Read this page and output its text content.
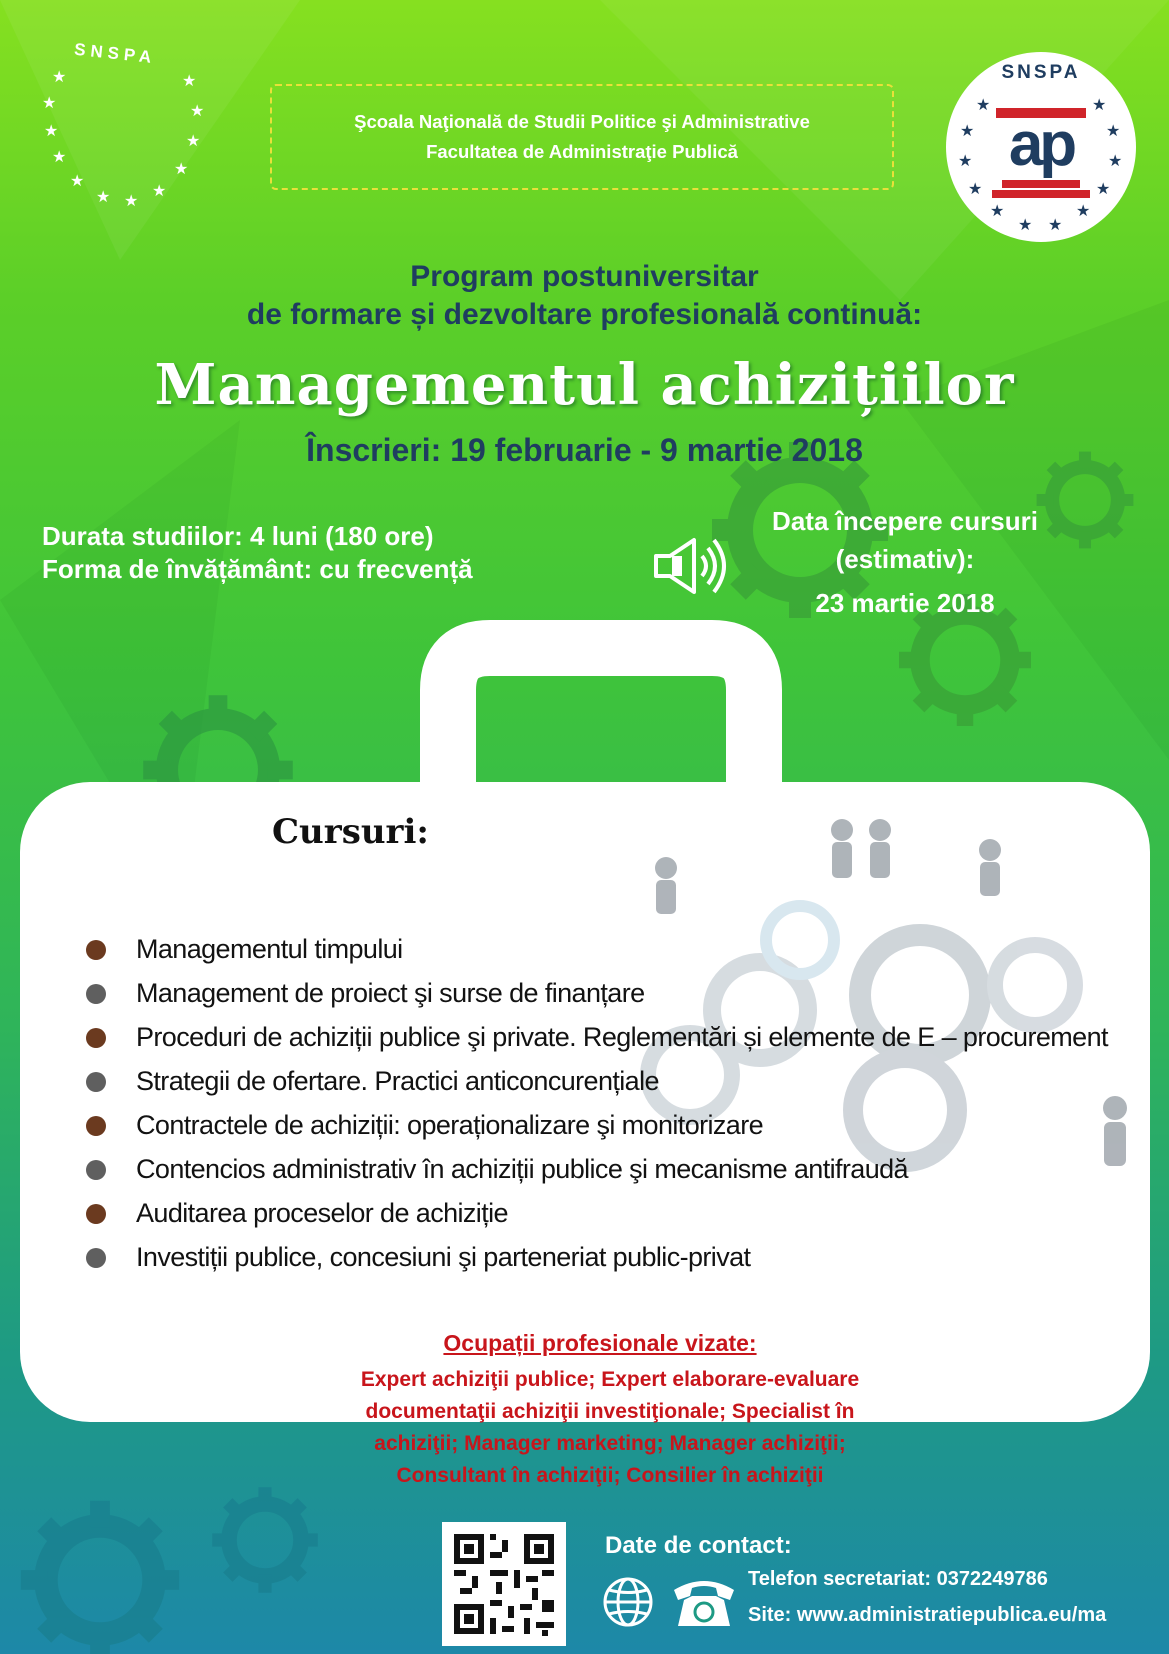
★
★
★
★
★
★ ★
★
★
★
★
★
SNSPA
SNSPA
★
★
★
★
★ ★
★
★
★
★
★	★
ap
Şcoala Naţională de Studii Politice şi Administrative
Facultatea de Administraţie Publică
Program postuniversitar
de formare și dezvoltare profesională continuă:
Managementul achizițiilor
Înscrieri: 19 februarie - 9 martie 2018
Durata studiilor: 4 luni (180 ore)
Forma de învățământ: cu frecvență
Data începere cursuri
(estimativ):
23 martie 2018
Cursuri:
Managementul timpului
Management de proiect şi surse de finanțare
Proceduri de achiziții publice şi private. Reglementări și elemente de E – procurement
Strategii de ofertare. Practici anticoncurențiale
Contractele de achiziții: operaționalizare şi monitorizare
Contencios administrativ în achiziții publice şi mecanisme antifraudă
Auditarea proceselor de achiziție
Investiții publice, concesiuni şi parteneriat public-privat
Ocupații profesionale vizate:
Expert achiziţii publice; Expert elaborare-evaluare
documentaţii achiziţii investiţionale; Specialist în
achiziţii; Manager marketing; Manager achiziţii;
Consultant în achiziţii; Consilier în achiziţii
Date de contact:
Telefon secretariat: 0372249786
Site: www.administratiepublica.eu/ma
